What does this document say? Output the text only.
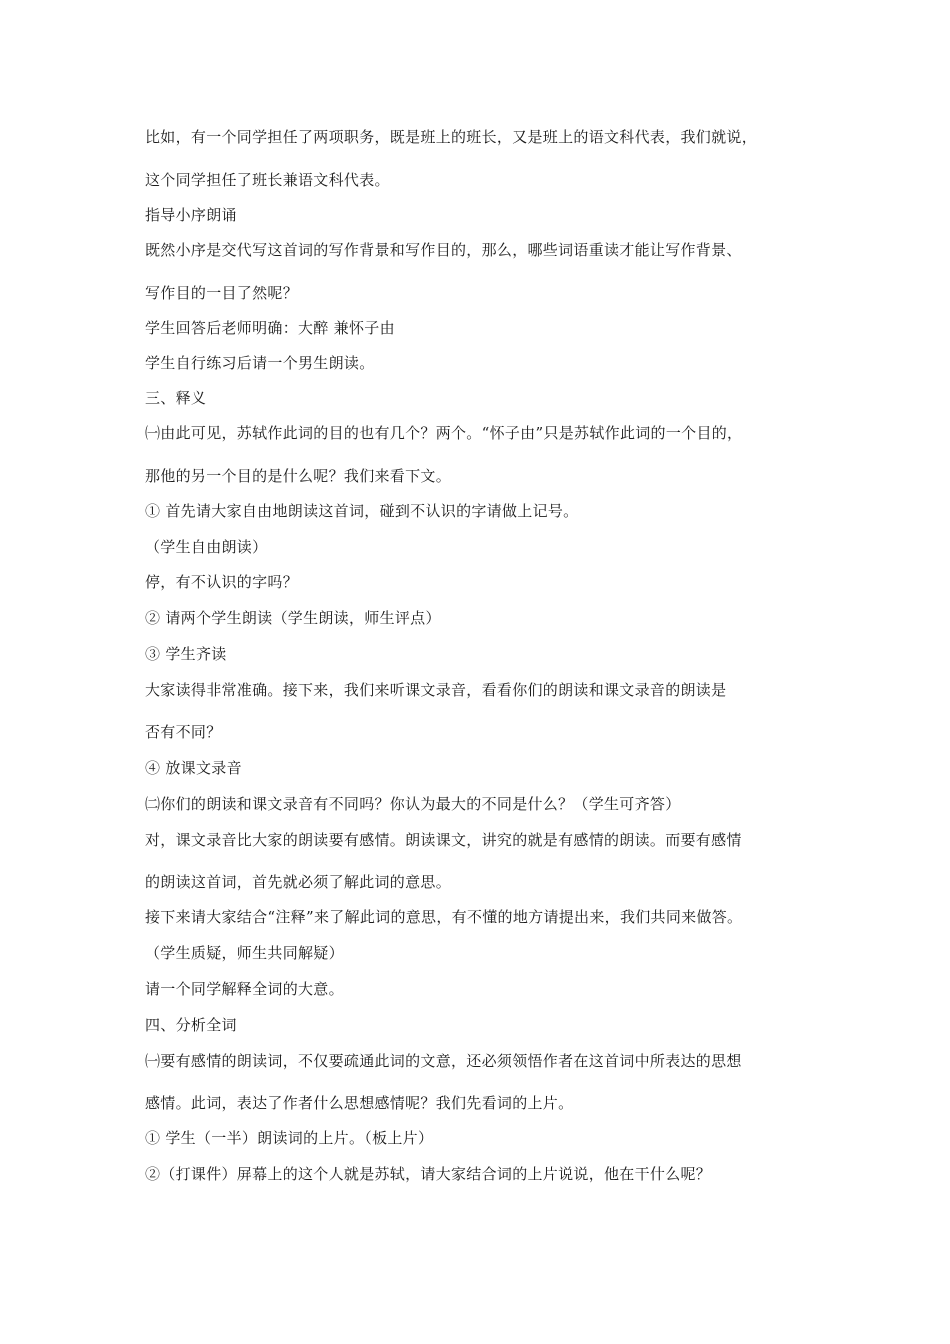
比如，有一个同学担任了两项职务，既是班上的班长，又是班上的语文科代表，我们就说，
这个同学担任了班长兼语文科代表。
指导小序朗诵
既然小序是交代写这首词的写作背景和写作目的，那么，哪些词语重读才能让写作背景、
写作目的一目了然呢？
学生回答后老师明确：大醉 兼怀子由
学生自行练习后请一个男生朗读。
三、释义
㈠由此可见，苏轼作此词的目的也有几个？两个。“怀子由”只是苏轼作此词的一个目的，
那他的另一个目的是什么呢？我们来看下文。
① 首先请大家自由地朗读这首词，碰到不认识的字请做上记号。
（学生自由朗读）
停，有不认识的字吗？
② 请两个学生朗读（学生朗读，师生评点）
③ 学生齐读
大家读得非常准确。接下来，我们来听课文录音，看看你们的朗读和课文录音的朗读是
否有不同？
④ 放课文录音
㈡你们的朗读和课文录音有不同吗？你认为最大的不同是什么？（学生可齐答）
对，课文录音比大家的朗读要有感情。朗读课文，讲究的就是有感情的朗读。而要有感情
的朗读这首词，首先就必须了解此词的意思。
接下来请大家结合“注释”来了解此词的意思，有不懂的地方请提出来，我们共同来做答。
（学生质疑，师生共同解疑）
请一个同学解释全词的大意。
四、分析全词
㈠要有感情的朗读词，不仅要疏通此词的文意，还必须领悟作者在这首词中所表达的思想
感情。此词，表达了作者什么思想感情呢？我们先看词的上片。
① 学生（一半）朗读词的上片。（板上片）
②（打课件）屏幕上的这个人就是苏轼，请大家结合词的上片说说，他在干什么呢？
